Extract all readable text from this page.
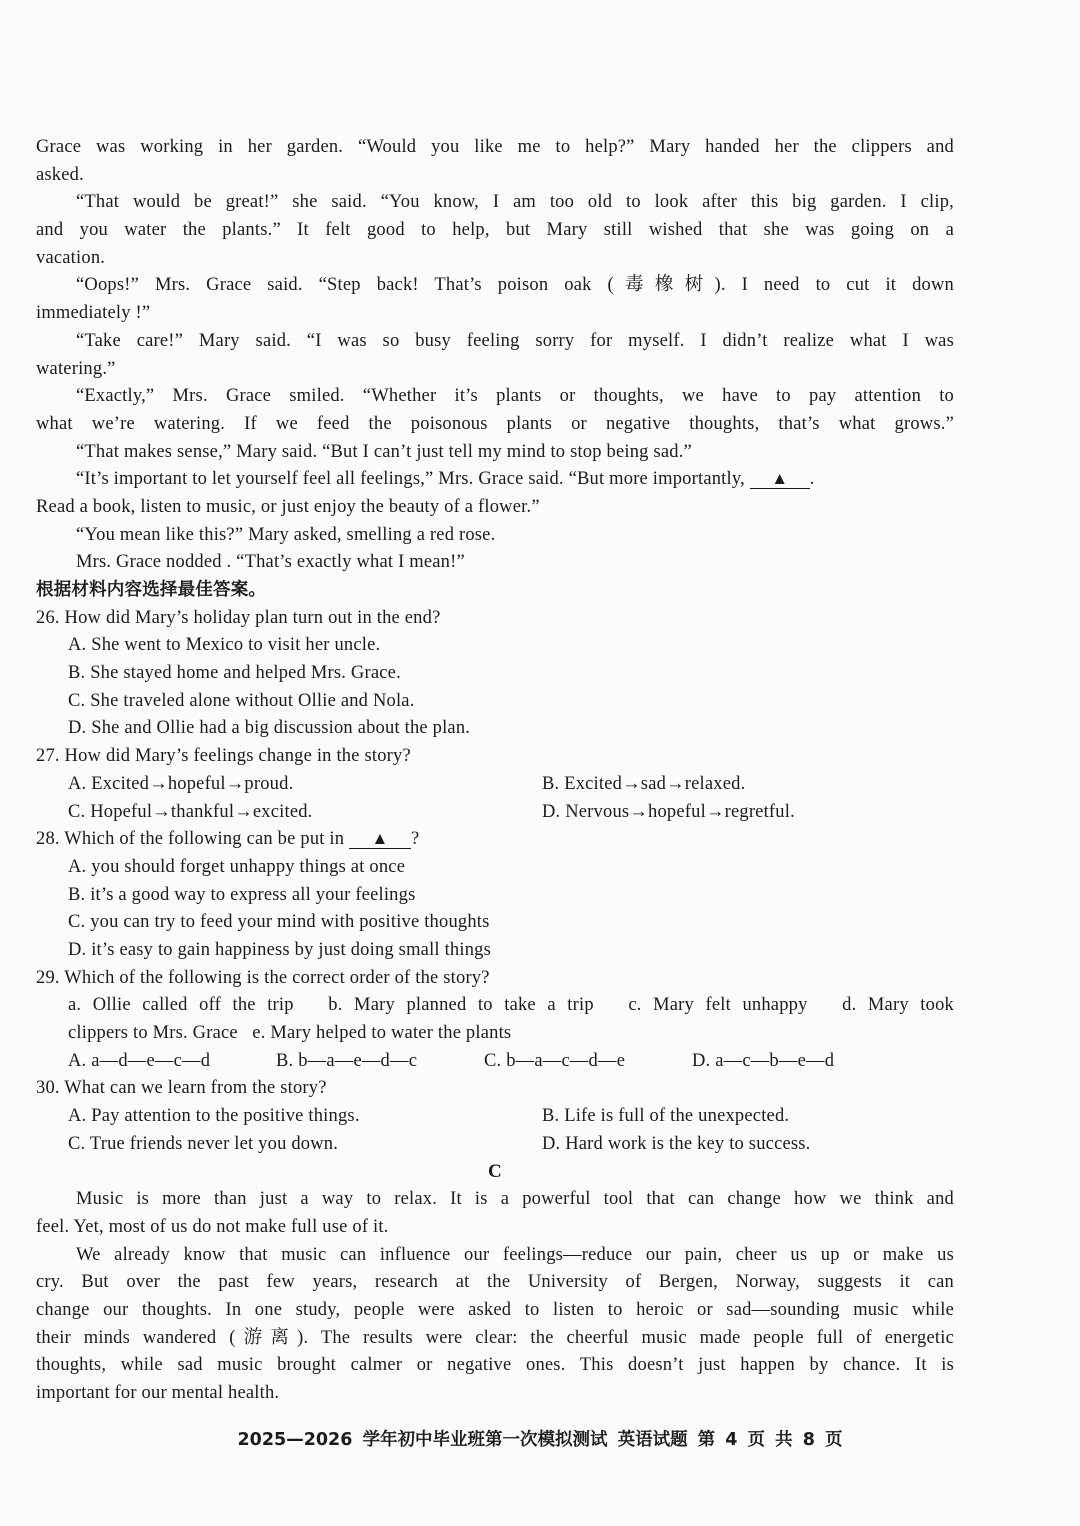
Grace was working in her garden. “Would you like me to help?” Mary handed her the clippers and
asked.
“That would be great!” she said. “You know, I am too old to look after this big garden. I clip,
and you water the plants.” It felt good to help, but Mary still wished that she was going on a
vacation.
“Oops!” Mrs. Grace said. “Step back! That’s poison oak (毒橡树). I need to cut it down
immediately !”
“Take care!” Mary said. “I was so busy feeling sorry for myself. I didn’t realize what I was
watering.”
“Exactly,” Mrs. Grace smiled. “Whether it’s plants or thoughts, we have to pay attention to
what we’re watering. If we feed the poisonous plants or negative thoughts, that’s what grows.”
“That makes sense,” Mary said. “But I can’t just tell my mind to stop being sad.”
“It’s important to let yourself feel all feelings,” Mrs. Grace said. “But more importantly, ▲ .
Read a book, listen to music, or just enjoy the beauty of a flower.”
“You mean like this?” Mary asked, smelling a red rose.
Mrs. Grace nodded . “That’s exactly what I mean!”
根据材料内容选择最佳答案。
26. How did Mary’s holiday plan turn out in the end?
A. She went to Mexico to visit her uncle.
B. She stayed home and helped Mrs. Grace.
C. She traveled alone without Ollie and Nola.
D. She and Ollie had a big discussion about the plan.
27. How did Mary’s feelings change in the story?
A. Excited→hopeful→proud.	B. Excited→sad→relaxed.
C. Hopeful→thankful→excited.	D. Nervous→hopeful→regretful.
28. Which of the following can be put in ▲ ?
A. you should forget unhappy things at once
B. it’s a good way to express all your feelings
C. you can try to feed your mind with positive thoughts
D. it’s easy to gain happiness by just doing small things
29. Which of the following is the correct order of the story?
a. Ollie called off the trip   b. Mary planned to take a trip   c. Mary felt unhappy   d. Mary took
clippers to Mrs. Grace   e. Mary helped to water the plants
A. a—d—e—c—d	B. b—a—e—d—c	C. b—a—c—d—e	D. a—c—b—e—d
30. What can we learn from the story?
A. Pay attention to the positive things.	B. Life is full of the unexpected.
C. True friends never let you down.	D. Hard work is the key to success.
C
Music is more than just a way to relax. It is a powerful tool that can change how we think and
feel. Yet, most of us do not make full use of it.
We already know that music can influence our feelings—reduce our pain, cheer us up or make us
cry. But over the past few years, research at the University of Bergen, Norway, suggests it can
change our thoughts. In one study, people were asked to listen to heroic or sad—sounding music while
their minds wandered (游离). The results were clear: the cheerful music made people full of energetic
thoughts, while sad music brought calmer or negative ones. This doesn’t just happen by chance. It is
important for our mental health.
2025—2026 学年初中毕业班第一次模拟测试 英语试题 第 4 页 共 8 页
